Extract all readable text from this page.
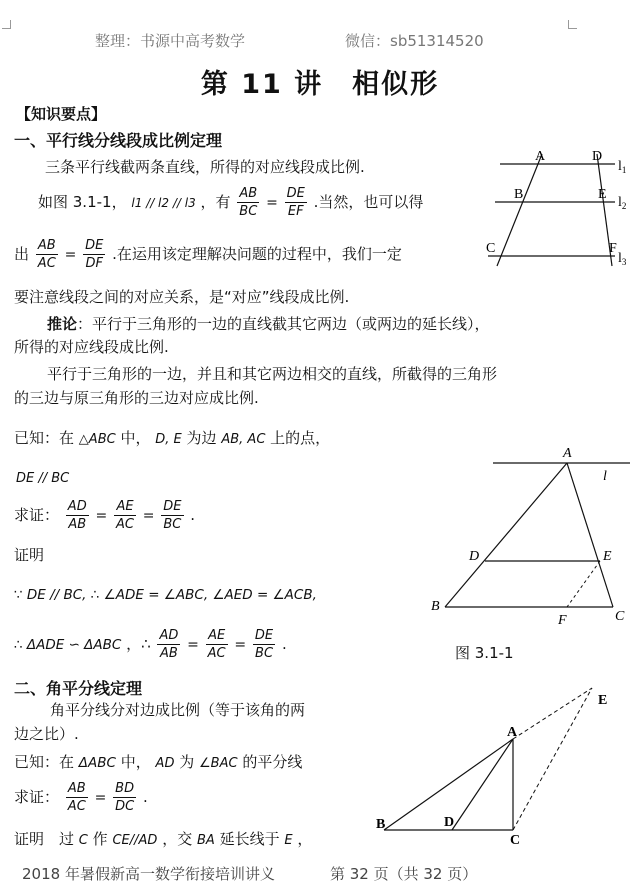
整理：书源中高考数学	微信：sb51314520
第 11 讲　相似形
【知识要点】
一、平行线分线段成比例定理
三条平行线截两条直线，所得的对应线段成比例.
如图 3.1-1， l1 // l2 // l3 ，有 $\frac{AB}{BC} = \frac{DE}{EF}$ .当然，也可以得
出 $\frac{AB}{AC} = \frac{DE}{DF}$ .在运用该定理解决问题的过程中，我们一定
要注意线段之间的对应关系，是“对应”线段成比例.
推论：平行于三角形的一边的直线截其它两边（或两边的延长线），
所得的对应线段成比例.
平行于三角形的一边，并且和其它两边相交的直线，所截得的三角形
的三边与原三角形的三边对应成比例.
已知：在 △ABC 中， D, E 为边 AB, AC 上的点，
DE // BC
求证： $\frac{AD}{AB} = \frac{AE}{AC} = \frac{DE}{BC}$ .
证明
∵ DE // BC, ∴ ∠ADE = ∠ABC, ∠AED = ∠ACB,
∴ ΔADE ∽ ΔABC ，∴ $\frac{AD}{AB} = \frac{AE}{AC} = \frac{DE}{BC}$ .	图 3.1-1
二、角平分线定理
角平分线分对边成比例（等于该角的两
边之比）.
已知：在 ΔABC 中， AD 为 ∠BAC 的平分线
求证： $\frac{AB}{AC} = \frac{BD}{DC}$ .
证明　过 C 作 CE//AD ，交 BA 延长线于 E ，
2018 年暑假新高一数学衔接培训讲义	第 32 页（共 32 页）
A	D
B	E
C	F
$l_1$
$l_2$
$l_3$
A
D	E
B
C
F
l
A
B
C
D
E
